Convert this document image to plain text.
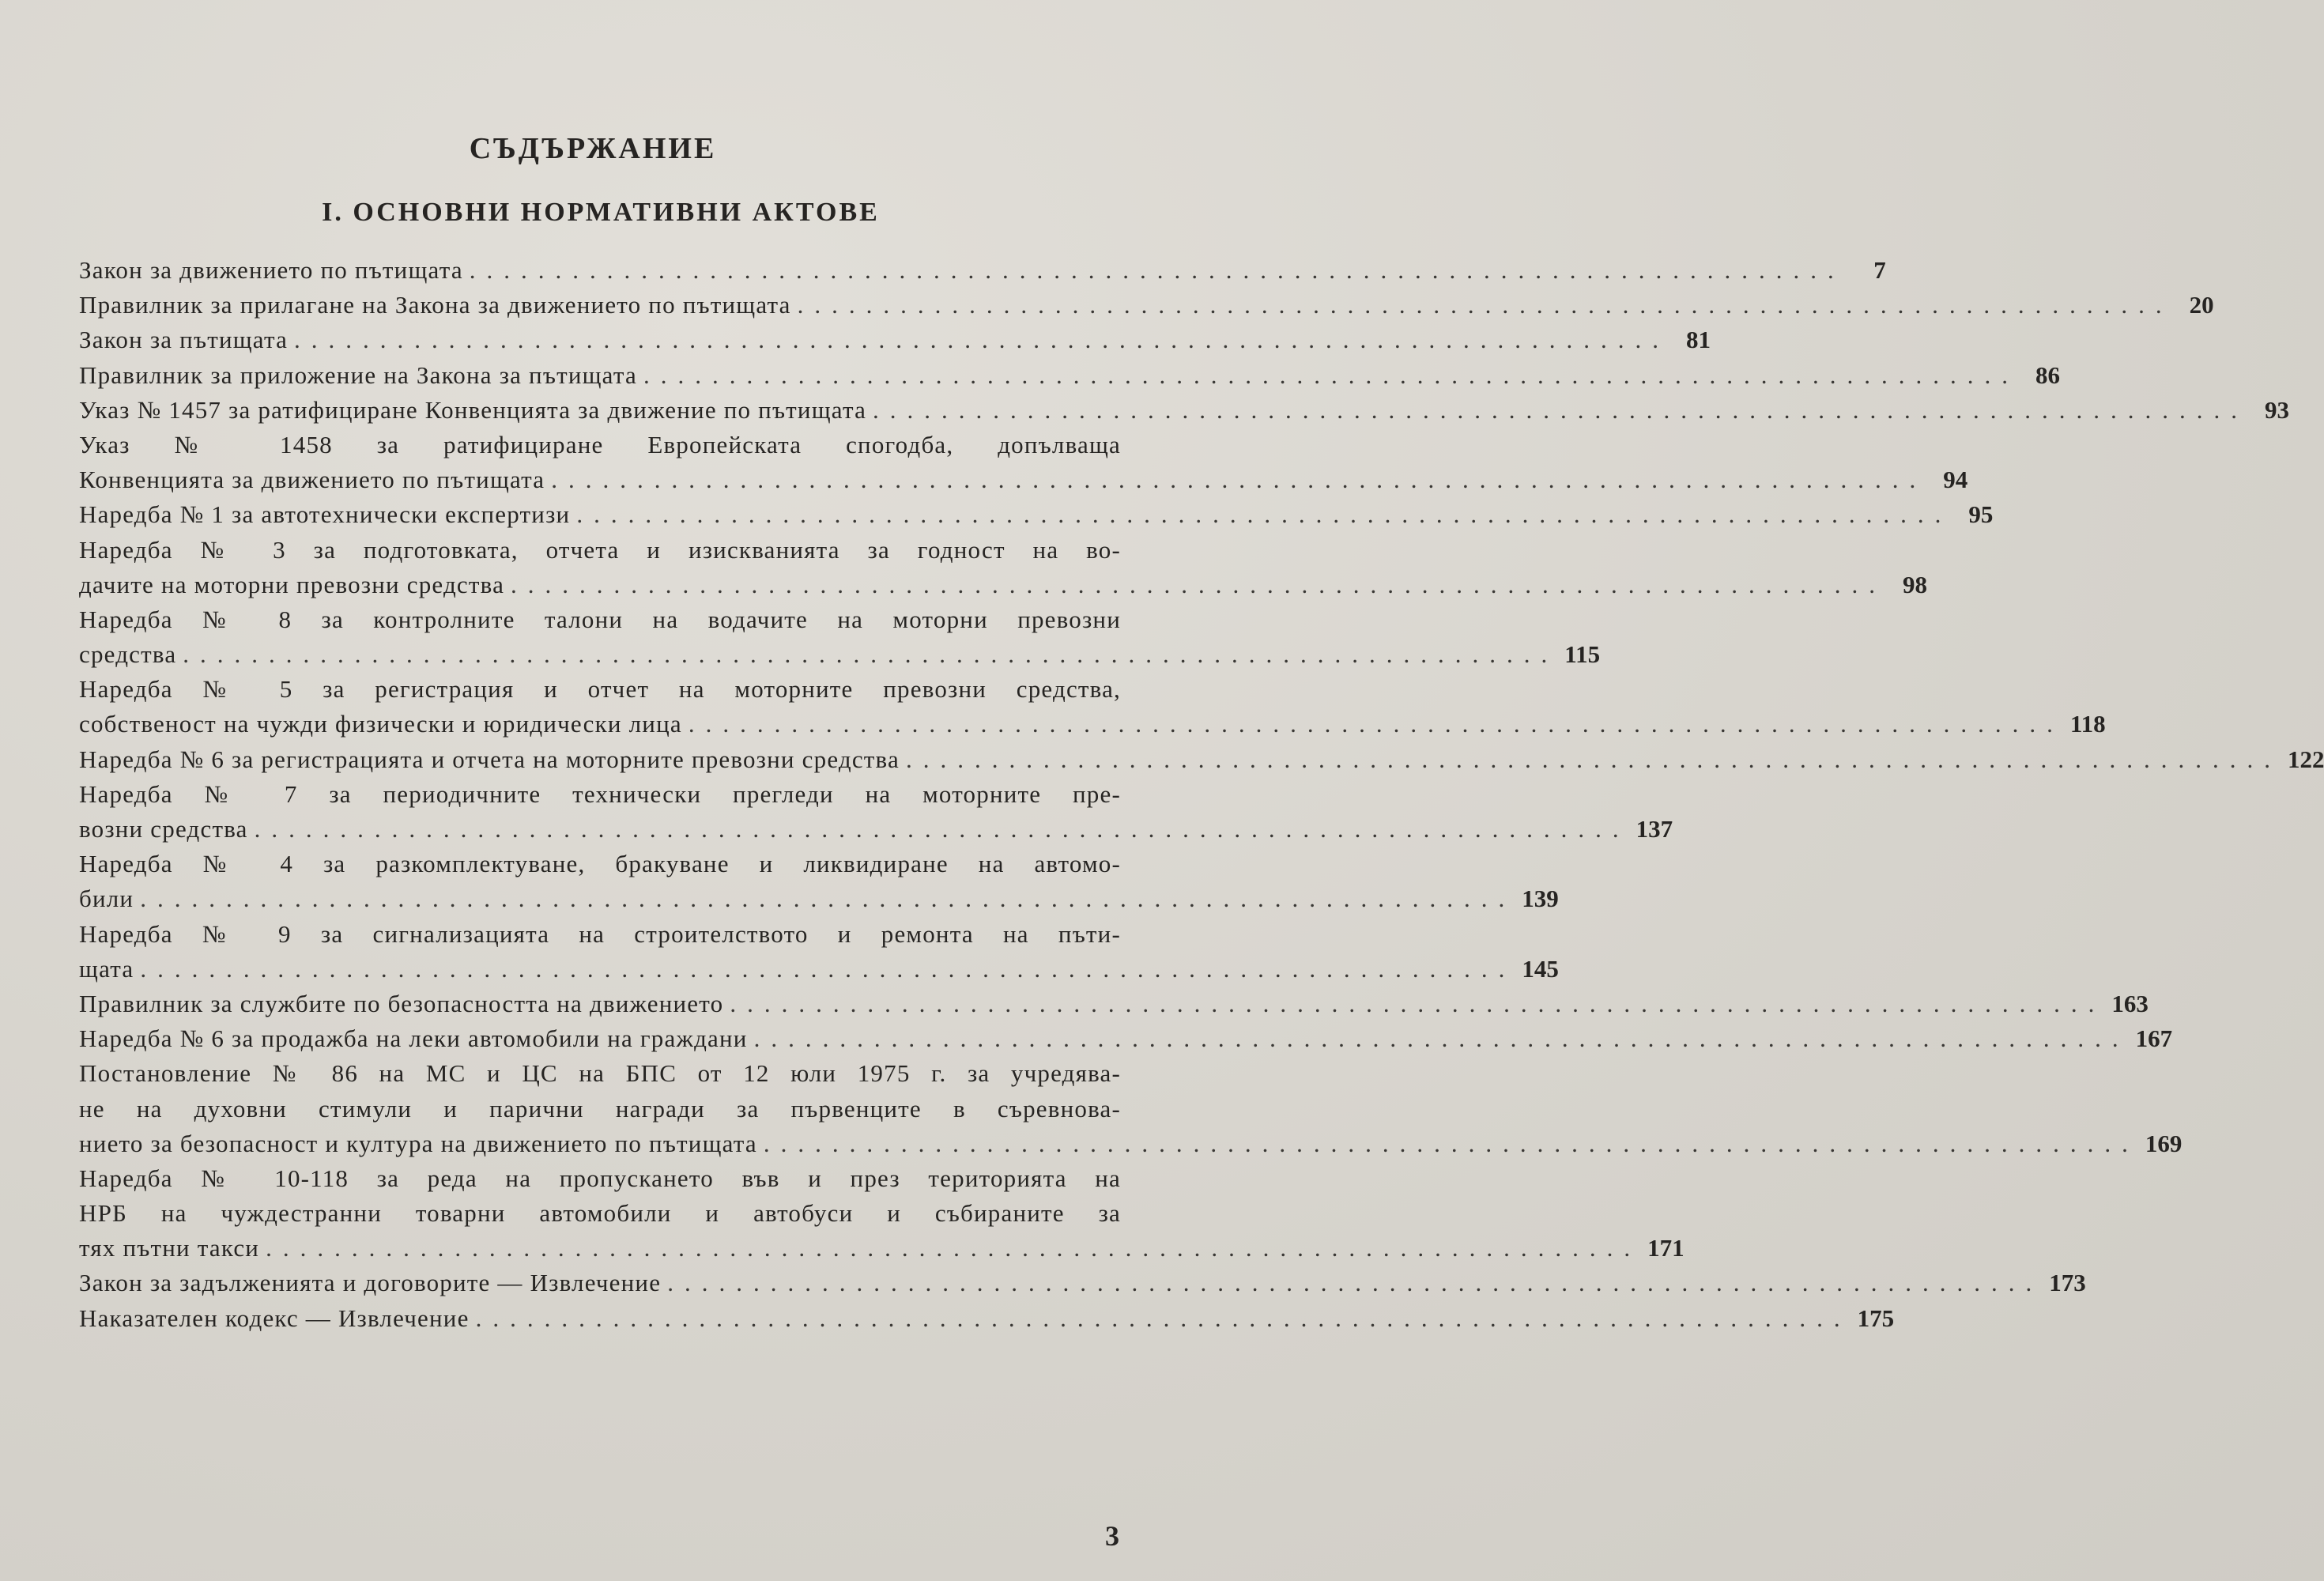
СЪДЪРЖАНИЕ
I. ОСНОВНИ НОРМАТИВНИ АКТОВЕ
Закон за движението по пътищата ................................................................................	7
Правилник за прилагане на Закона за движението по пътищата ................................................................................ 20
Закон за пътищата ................................................................................ 81
Правилник за приложение на Закона за пътищата ................................................................................ 86
Указ № 1457 за ратифициране Конвенцията за движение по пътищата ................................................................................ 93
Указ № 1458 за ратифициране Европейската спогодба, допълваща
Конвенцията за движението по пътищата ................................................................................ 94
Наредба № 1 за автотехнически експертизи ................................................................................ 95
Наредба № 3 за подготовката, отчета и изискванията за годност на во-
дачите на моторни превозни средства ................................................................................ 98
Наредба № 8 за контролните талони на водачите на моторни превозни
средства ................................................................................ 115
Наредба № 5 за регистрация и отчет на моторните превозни средства,
собственост на чужди физически и юридически лица ................................................................................ 118
Наредба № 6 за регистрацията и отчета на моторните превозни средства ................................................................................ 122
Наредба № 7 за периодичните технически прегледи на моторните пре-
возни средства ................................................................................ 137
Наредба № 4 за разкомплектуване, бракуване и ликвидиране на автомо-
били ................................................................................ 139
Наредба № 9 за сигнализацията на строителството и ремонта на пъти-
щата ................................................................................ 145
Правилник за службите по безопасността на движението ................................................................................ 163
Наредба № 6 за продажба на леки автомобили на граждани ................................................................................ 167
Постановление № 86 на МС и ЦС на БПС от 12 юли 1975 г. за учредява-
не на духовни стимули и парични награди за първенците в съревнова-
нието за безопасност и култура на движението по пътищата ................................................................................ 169
Наредба № 10-118 за реда на пропускането във и през територията на
НРБ на чуждестранни товарни автомобили и автобуси и събираните за
тях пътни такси ................................................................................ 171
Закон за задълженията и договорите — Извлечение ................................................................................ 173
Наказателен кодекс — Извлечение ................................................................................ 175
3
